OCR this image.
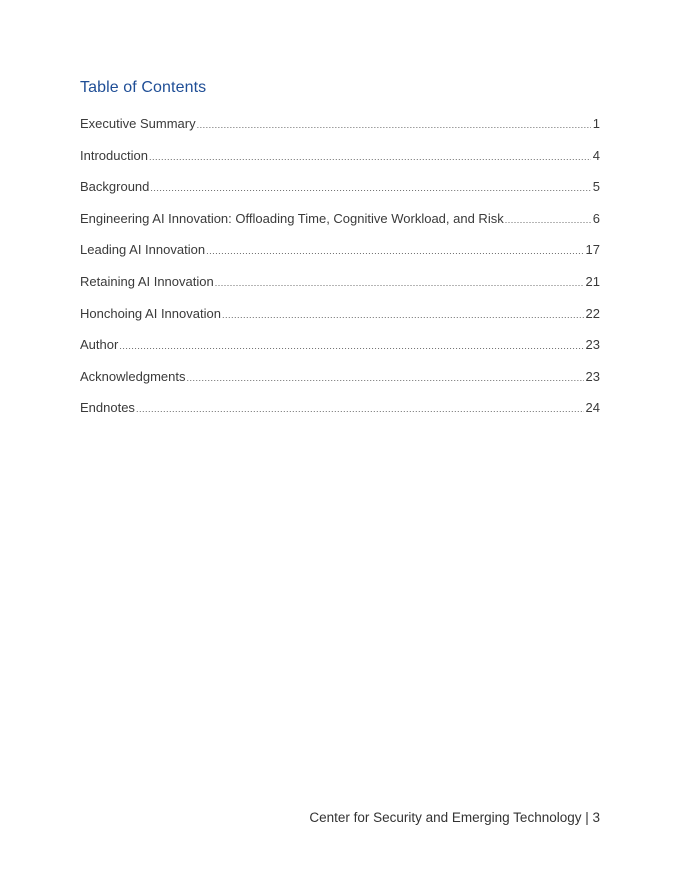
Table of Contents
Executive Summary .....	1
Introduction .....	4
Background .....	5
Engineering AI Innovation: Offloading Time, Cognitive Workload, and Risk .....	6
Leading AI Innovation .....	17
Retaining AI Innovation .....	21
Honchoing AI Innovation .....	22
Author .....	23
Acknowledgments .....	23
Endnotes .....	24
Center for Security and Emerging Technology | 3
